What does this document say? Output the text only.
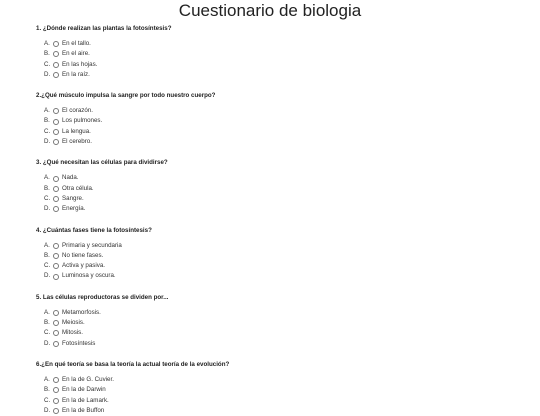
Cuestionario de biologia
1. ¿Dónde realizan las plantas la fotosíntesis?
A.	En el tallo.
B.	En el aire.
C.	En las hojas.
D.	En la raíz.
2.¿Qué músculo impulsa la sangre por todo nuestro cuerpo?
A.	El corazón.
B.	Los pulmones.
C.	La lengua.
D.	El cerebro.
3. ¿Qué necesitan las células para dividirse?
A.	Nada.
B.	Otra célula.
C.	Sangre.
D.	Energía.
4. ¿Cuántas fases tiene la fotosíntesis?
A.	Primaria y secundaria
B.	No tiene fases.
C.	Activa y pasiva.
D.	Luminosa y oscura.
5. Las células reproductoras se dividen por...
A.	Metamorfosis.
B.	Meiosis.
C.	Mitosis.
D.	Fotosíntesis
6.¿En qué teoría se basa la teoría la actual teoría de la evolución?
A.	En la de G. Cuvier.
B.	En la de Darwin
C.	En la de Lamark.
D.	En la de Buffon
